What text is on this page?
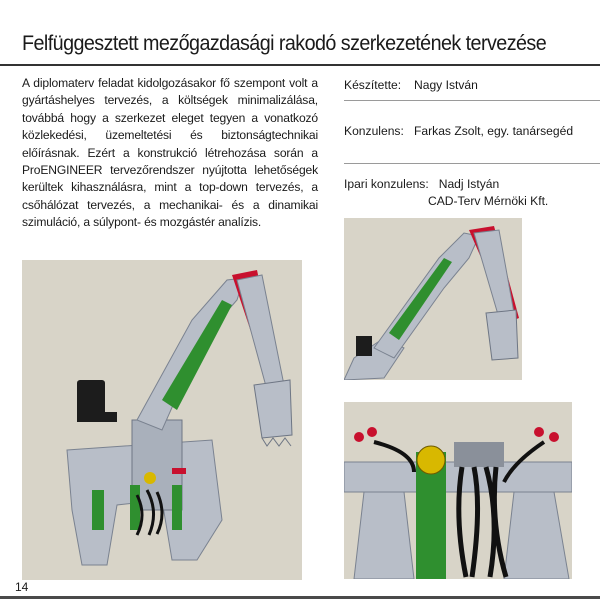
Felfüggesztett mezőgazdasági rakodó szerkezetének tervezése
A diplomaterv feladat kidolgozásakor fő szempont volt a gyártáshelyes tervezés, a költségek minimalizálása, továbbá hogy a szerkezet eleget tegyen a vonatkozó közlekedési, üzemeltetési és biztonságtechnikai előírásnak. Ezért a konstrukció létrehozása során a ProENGINEER tervezőrendszer nyújtotta lehetőségek kerültek kihasználásra, mint a top-down tervezés, a csőhálózat tervezés, a mechanikai- és a dinamikai szimuláció, a súlypont- és mozgástér analízis.
Készítette: Nagy István
Konzulens: Farkas Zsolt, egy. tanársegéd
Ipari konzulens: Nadj Istyán
CAD-Terv Mérnöki Kft.
14
